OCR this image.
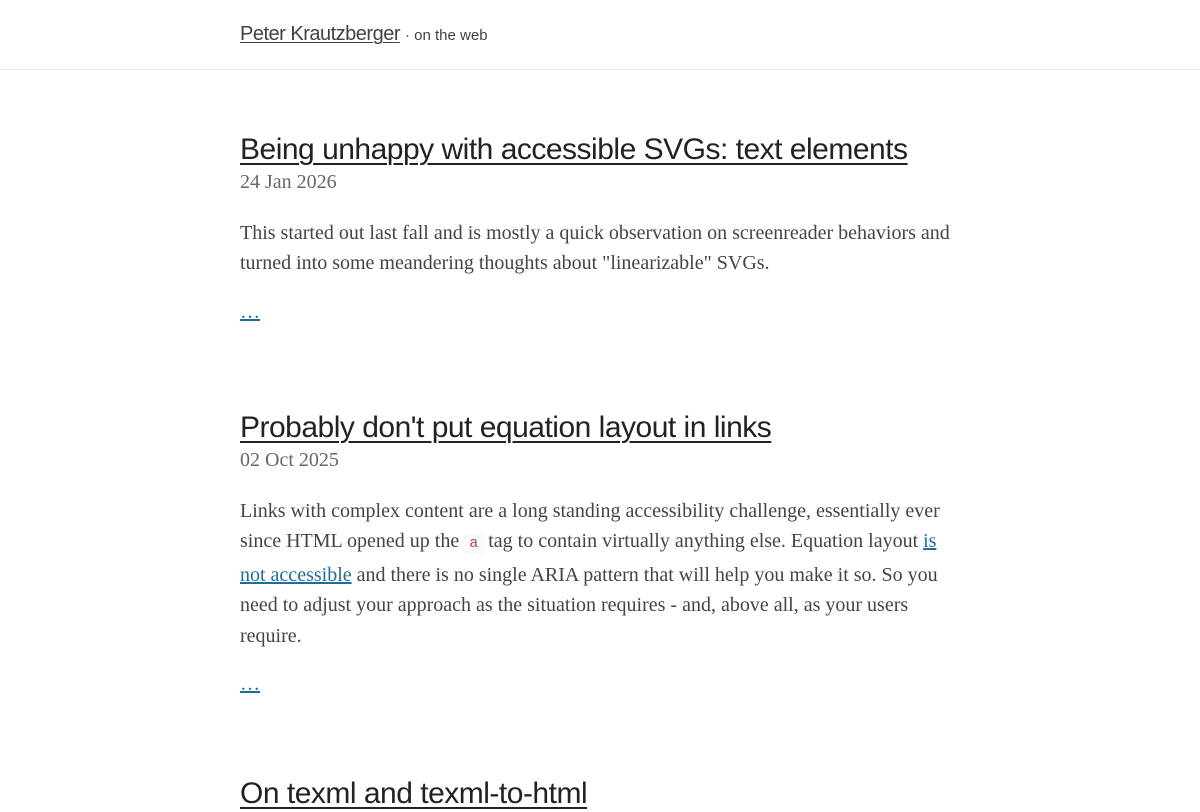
Peter Krautzberger · on the web
Being unhappy with accessible SVGs: text elements
24 Jan 2026

This started out last fall and is mostly a quick observation on screenreader behaviors and turned into some meandering thoughts about "linearizable" SVGs.

…
Probably don't put equation layout in links
02 Oct 2025

Links with complex content are a long standing accessibility challenge, essentially ever since HTML opened up the a tag to contain virtually anything else. Equation layout is not accessible and there is no single ARIA pattern that will help you make it so. So you need to adjust your approach as the situation requires - and, above all, as your users require.

…
On texml and texml-to-html
